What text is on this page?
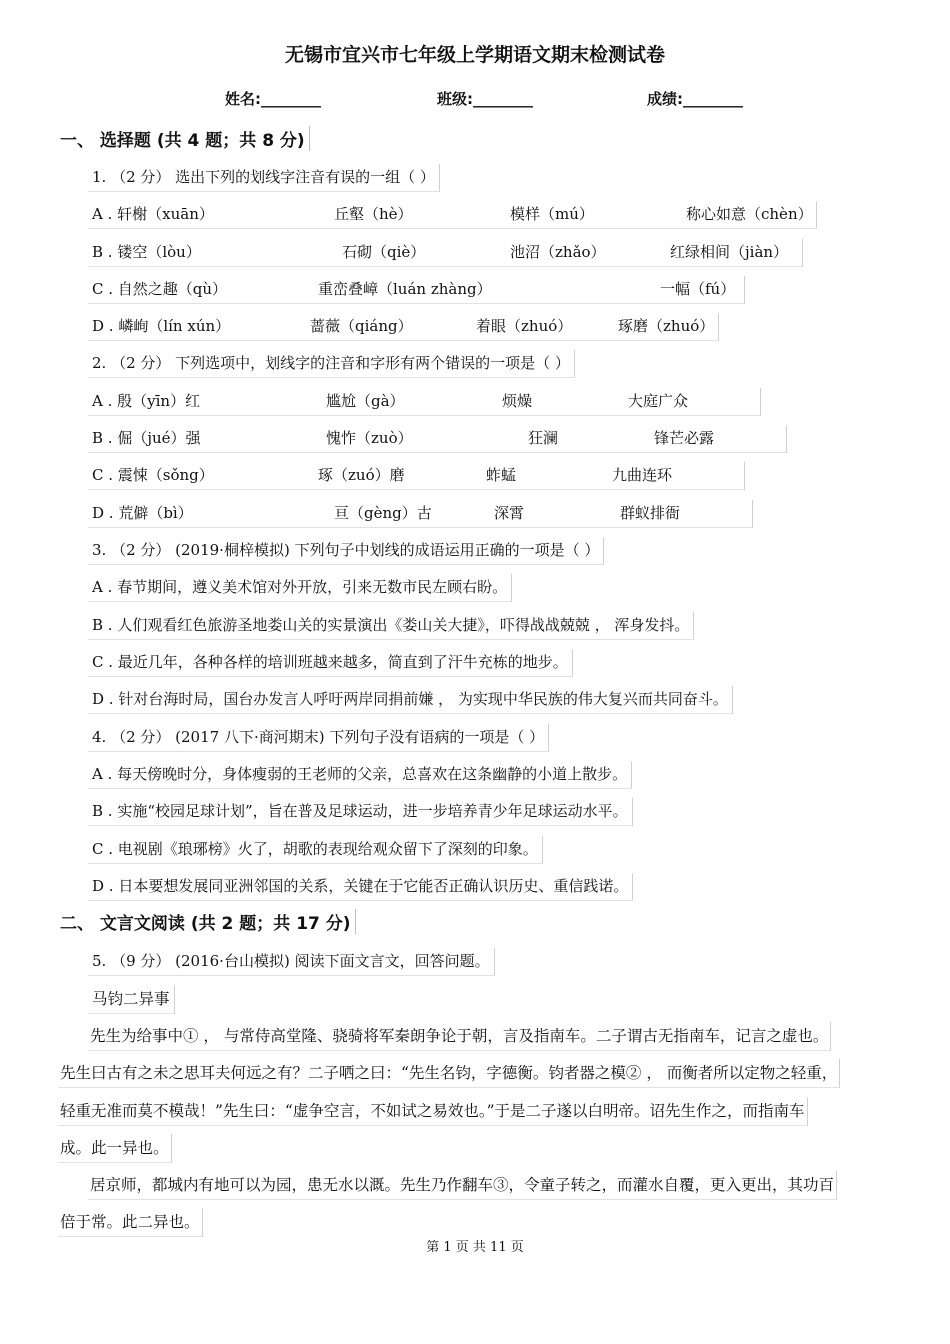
无锡市宜兴市七年级上学期语文期末检测试卷
姓名:________	班级:________	成绩:________
一、 选择题 (共 4 题；共 8 分)
1. （2 分） 选出下列的划线字注音有误的一组（ ）
A . 轩榭（xuān）	丘壑（hè）	模样（mú）	称心如意（chèn）
B . 镂空（lòu）	石砌（qiè）	池沼（zhǎo）	红绿相间（jiàn）
C . 自然之趣（qù）	重峦叠嶂（luán zhàng）	一幅（fú）
D . 嶙峋（lín xún）	蔷薇（qiáng）	着眼（zhuó）	琢磨（zhuó）
2. （2 分） 下列选项中，划线字的注音和字形有两个错误的一项是（ ）
A . 殷（yīn）红	尴尬（gà）	烦燥	大庭广众
B . 倔（jué）强	愧怍（zuò）	狂澜	锋芒必露
C . 震悚（sǒng）	琢（zuó）磨	蚱蜢	九曲连环
D . 荒僻（bì）	亘（gèng）古	深霄	群蚁排衙
3. （2 分） (2019·桐梓模拟) 下列句子中划线的成语运用正确的一项是（ ）
A . 春节期间，遵义美术馆对外开放，引来无数市民左顾右盼。
B . 人们观看红色旅游圣地娄山关的实景演出《娄山关大捷》，吓得战战兢兢 ， 浑身发抖。
C . 最近几年，各种各样的培训班越来越多，简直到了汗牛充栋的地步。
D . 针对台海时局，国台办发言人呼吁两岸同捐前嫌 ， 为实现中华民族的伟大复兴而共同奋斗。
4. （2 分） (2017 八下·商河期末) 下列句子没有语病的一项是（ ）
A . 每天傍晚时分，身体瘦弱的王老师的父亲，总喜欢在这条幽静的小道上散步。
B . 实施“校园足球计划”，旨在普及足球运动，进一步培养青少年足球运动水平。
C . 电视剧《琅琊榜》火了，胡歌的表现给观众留下了深刻的印象。
D . 日本要想发展同亚洲邻国的关系，关键在于它能否正确认识历史、重信践诺。
二、 文言文阅读 (共 2 题；共 17 分)
5. （9 分） (2016·台山模拟) 阅读下面文言文，回答问题。
马钧二异事
先生为给事中① ， 与常侍高堂隆、骁骑将军秦朗争论于朝，言及指南车。二子谓古无指南车，记言之虚也。
先生曰古有之未之思耳夫何远之有？二子哂之曰：“先生名钧，字德衡。钧者器之模② ， 而衡者所以定物之轻重，
轻重无准而莫不模哉！”先生曰：“虚争空言，不如试之易效也。”于是二子遂以白明帝。诏先生作之，而指南车
成。此一异也。
居京师，都城内有地可以为园，患无水以溉。先生乃作翻车③，令童子转之，而灌水自覆，更入更出，其功百
倍于常。此二异也。
第 1 页 共 11 页
